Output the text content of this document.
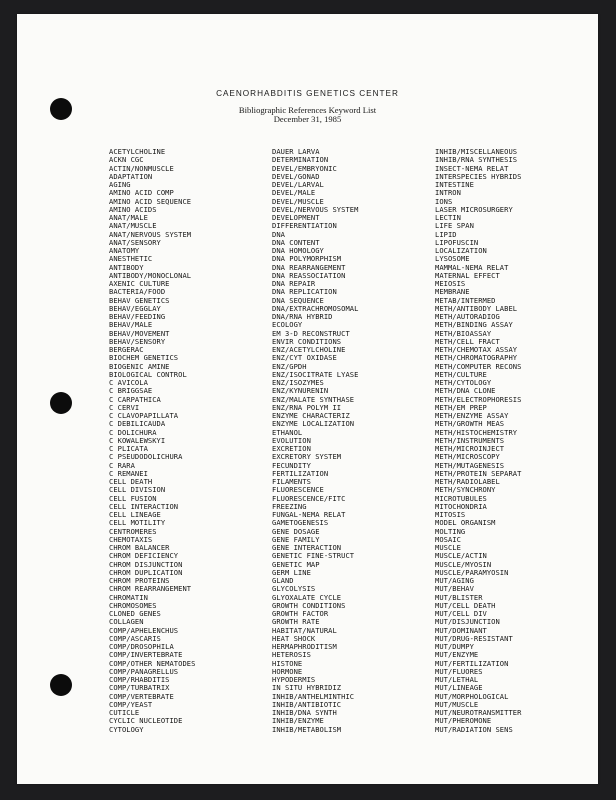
CAENORHABDITIS GENETICS CENTER
Bibliographic References Keyword List
December 31, 1985
ACETYLCHOLINE
ACKN CGC
ACTIN/NONMUSCLE
ADAPTATION
AGING
AMINO ACID COMP
AMINO ACID SEQUENCE
AMINO ACIDS
ANAT/MALE
ANAT/MUSCLE
ANAT/NERVOUS SYSTEM
ANAT/SENSORY
ANATOMY
ANESTHETIC
ANTIBODY
ANTIBODY/MONOCLONAL
AXENIC CULTURE
BACTERIA/FOOD
BEHAV GENETICS
BEHAV/EGGLAY
BEHAV/FEEDING
BEHAV/MALE
BEHAV/MOVEMENT
BEHAV/SENSORY
BERGERAC
BIOCHEM GENETICS
BIOGENIC AMINE
BIOLOGICAL CONTROL
C AVICOLA
C BRIGGSAE
C CARPATHICA
C CERVI
C CLAVOPAPILLATA
C DEBILICAUDA
C DOLICHURA
C KOWALEWSKYI
C PLICATA
C PSEUDODOLICHURA
C RARA
C REMANEI
CELL DEATH
CELL DIVISION
CELL FUSION
CELL INTERACTION
CELL LINEAGE
CELL MOTILITY
CENTROMERES
CHEMOTAXIS
CHROM BALANCER
CHROM DEFICIENCY
CHROM DISJUNCTION
CHROM DUPLICATION
CHROM PROTEINS
CHROM REARRANGEMENT
CHROMATIN
CHROMOSOMES
CLONED GENES
COLLAGEN
COMP/APHELENCHUS
COMP/ASCARIS
COMP/DROSOPHILA
COMP/INVERTEBRATE
COMP/OTHER NEMATODES
COMP/PANAGRELLUS
COMP/RHABDITIS
COMP/TURBATRIX
COMP/VERTEBRATE
COMP/YEAST
CUTICLE
CYCLIC NUCLEOTIDE
CYTOLOGY
DAUER LARVA
DETERMINATION
DEVEL/EMBRYONIC
DEVEL/GONAD
DEVEL/LARVAL
DEVEL/MALE
DEVEL/MUSCLE
DEVEL/NERVOUS SYSTEM
DEVELOPMENT
DIFFERENTIATION
DNA
DNA CONTENT
DNA HOMOLOGY
DNA POLYMORPHISM
DNA REARRANGEMENT
DNA REASSOCIATION
DNA REPAIR
DNA REPLICATION
DNA SEQUENCE
DNA/EXTRACHROMOSOMAL
DNA/RNA HYBRID
ECOLOGY
EM 3-D RECONSTRUCT
ENVIR CONDITIONS
ENZ/ACETYLCHOLINE
ENZ/CYT OXIDASE
ENZ/GPDH
ENZ/ISOCITRATE LYASE
ENZ/ISOZYMES
ENZ/KYNURENIN
ENZ/MALATE SYNTHASE
ENZ/RNA POLYM II
ENZYME CHARACTERIZ
ENZYME LOCALIZATION
ETHANOL
EVOLUTION
EXCRETION
EXCRETORY SYSTEM
FECUNDITY
FERTILIZATION
FILAMENTS
FLUORESCENCE
FLUORESCENCE/FITC
FREEZING
FUNGAL-NEMA RELAT
GAMETOGENESIS
GENE DOSAGE
GENE FAMILY
GENE INTERACTION
GENETIC FINE-STRUCT
GENETIC MAP
GERM LINE
GLAND
GLYCOLYSIS
GLYOXALATE CYCLE
GROWTH CONDITIONS
GROWTH FACTOR
GROWTH RATE
HABITAT/NATURAL
HEAT SHOCK
HERMAPHRODITISM
HETEROSIS
HISTONE
HORMONE
HYPODERMIS
IN SITU HYBRIDIZ
INHIB/ANTHELMINTHIC
INHIB/ANTIBIOTIC
INHIB/DNA SYNTH
INHIB/ENZYME
INHIB/METABOLISM
INHIB/MISCELLANEOUS
INHIB/RNA SYNTHESIS
INSECT-NEMA RELAT
INTERSPECIES HYBRIDS
INTESTINE
INTRON
IONS
LASER MICROSURGERY
LECTIN
LIFE SPAN
LIPID
LIPOFUSCIN
LOCALIZATION
LYSOSOME
MAMMAL-NEMA RELAT
MATERNAL EFFECT
MEIOSIS
MEMBRANE
METAB/INTERMED
METH/ANTIBODY LABEL
METH/AUTORADIOG
METH/BINDING ASSAY
METH/BIOASSAY
METH/CELL FRACT
METH/CHEMOTAX ASSAY
METH/CHROMATOGRAPHY
METH/COMPUTER RECONS
METH/CULTURE
METH/CYTOLOGY
METH/DNA CLONE
METH/ELECTROPHORESIS
METH/EM PREP
METH/ENZYME ASSAY
METH/GROWTH MEAS
METH/HISTOCHEMISTRY
METH/INSTRUMENTS
METH/MICROINJECT
METH/MICROSCOPY
METH/MUTAGENESIS
METH/PROTEIN SEPARAT
METH/RADIOLABEL
METH/SYNCHRONY
MICROTUBULES
MITOCHONDRIA
MITOSIS
MODEL ORGANISM
MOLTING
MOSAIC
MUSCLE
MUSCLE/ACTIN
MUSCLE/MYOSIN
MUSCLE/PARAMYOSIN
MUT/AGING
MUT/BEHAV
MUT/BLISTER
MUT/CELL DEATH
MUT/CELL DIV
MUT/DISJUNCTION
MUT/DOMINANT
MUT/DRUG-RESISTANT
MUT/DUMPY
MUT/ENZYME
MUT/FERTILIZATION
MUT/FLUORES
MUT/LETHAL
MUT/LINEAGE
MUT/MORPHOLOGICAL
MUT/MUSCLE
MUT/NEUROTRANSMITTER
MUT/PHEROMONE
MUT/RADIATION SENS
